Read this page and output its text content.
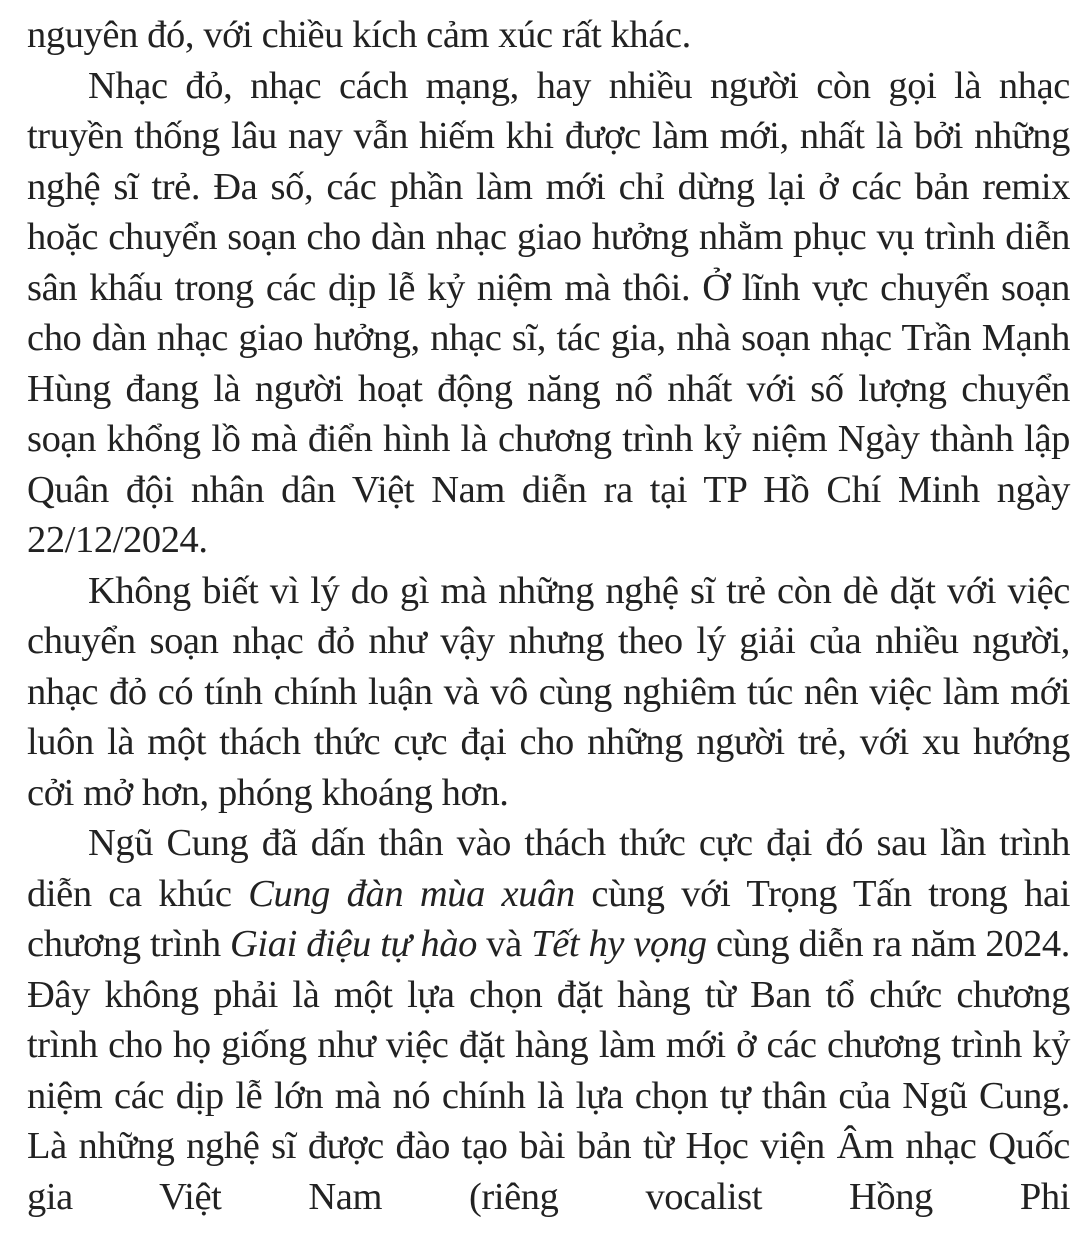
nguyên đó, với chiều kích cảm xúc rất khác.

Nhạc đỏ, nhạc cách mạng, hay nhiều người còn gọi là nhạc truyền thống lâu nay vẫn hiếm khi được làm mới, nhất là bởi những nghệ sĩ trẻ. Đa số, các phần làm mới chỉ dừng lại ở các bản remix hoặc chuyển soạn cho dàn nhạc giao hưởng nhằm phục vụ trình diễn sân khấu trong các dịp lễ kỷ niệm mà thôi. Ở lĩnh vực chuyển soạn cho dàn nhạc giao hưởng, nhạc sĩ, tác gia, nhà soạn nhạc Trần Mạnh Hùng đang là người hoạt động năng nổ nhất với số lượng chuyển soạn khổng lồ mà điển hình là chương trình kỷ niệm Ngày thành lập Quân đội nhân dân Việt Nam diễn ra tại TP Hồ Chí Minh ngày 22/12/2024.

Không biết vì lý do gì mà những nghệ sĩ trẻ còn dè dặt với việc chuyển soạn nhạc đỏ như vậy nhưng theo lý giải của nhiều người, nhạc đỏ có tính chính luận và vô cùng nghiêm túc nên việc làm mới luôn là một thách thức cực đại cho những người trẻ, với xu hướng cởi mở hơn, phóng khoáng hơn.

Ngũ Cung đã dấn thân vào thách thức cực đại đó sau lần trình diễn ca khúc Cung đàn mùa xuân cùng với Trọng Tấn trong hai chương trình Giai điệu tự hào và Tết hy vọng cùng diễn ra năm 2024. Đây không phải là một lựa chọn đặt hàng từ Ban tổ chức chương trình cho họ giống như việc đặt hàng làm mới ở các chương trình kỷ niệm các dịp lễ lớn mà nó chính là lựa chọn tự thân của Ngũ Cung. Là những nghệ sĩ được đào tạo bài bản từ Học viện Âm nhạc Quốc gia Việt Nam (riêng vocalist Hồng Phi
